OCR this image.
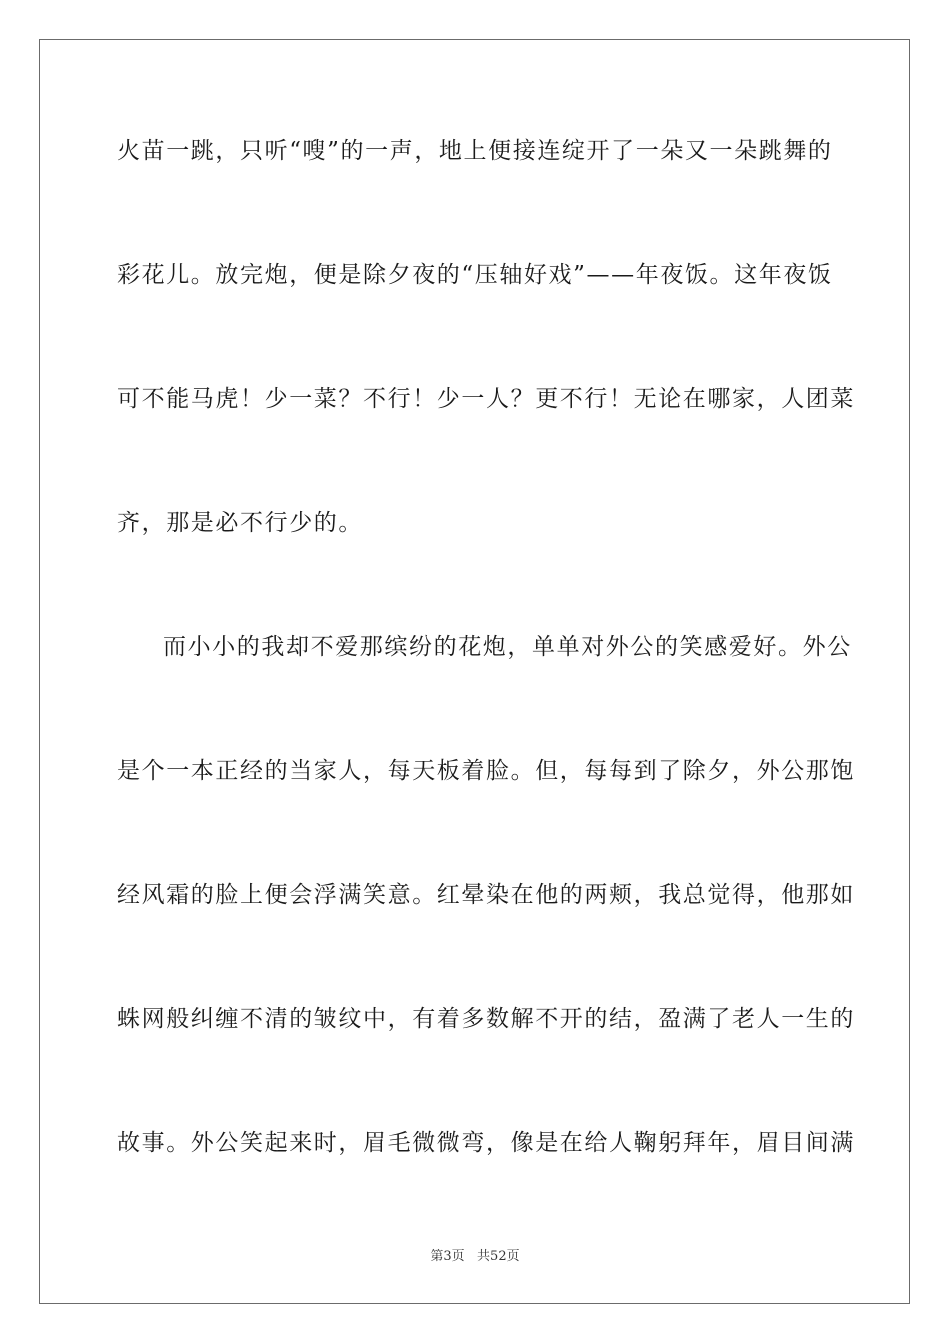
火苗一跳，只听“嗖”的一声，地上便接连绽开了一朵又一朵跳舞的

彩花儿。放完炮，便是除夕夜的“压轴好戏”——年夜饭。这年夜饭

可不能马虎！少一菜？不行！少一人？更不行！无论在哪家，人团菜

齐，那是必不行少的。

而小小的我却不爱那缤纷的花炮，单单对外公的笑感爱好。外公

是个一本正经的当家人，每天板着脸。但，每每到了除夕，外公那饱

经风霜的脸上便会浮满笑意。红晕染在他的两颊，我总觉得，他那如

蛛网般纠缠不清的皱纹中，有着多数解不开的结，盈满了老人一生的

故事。外公笑起来时，眉毛微微弯，像是在给人鞠躬拜年，眉目间满

第3页   共52页
